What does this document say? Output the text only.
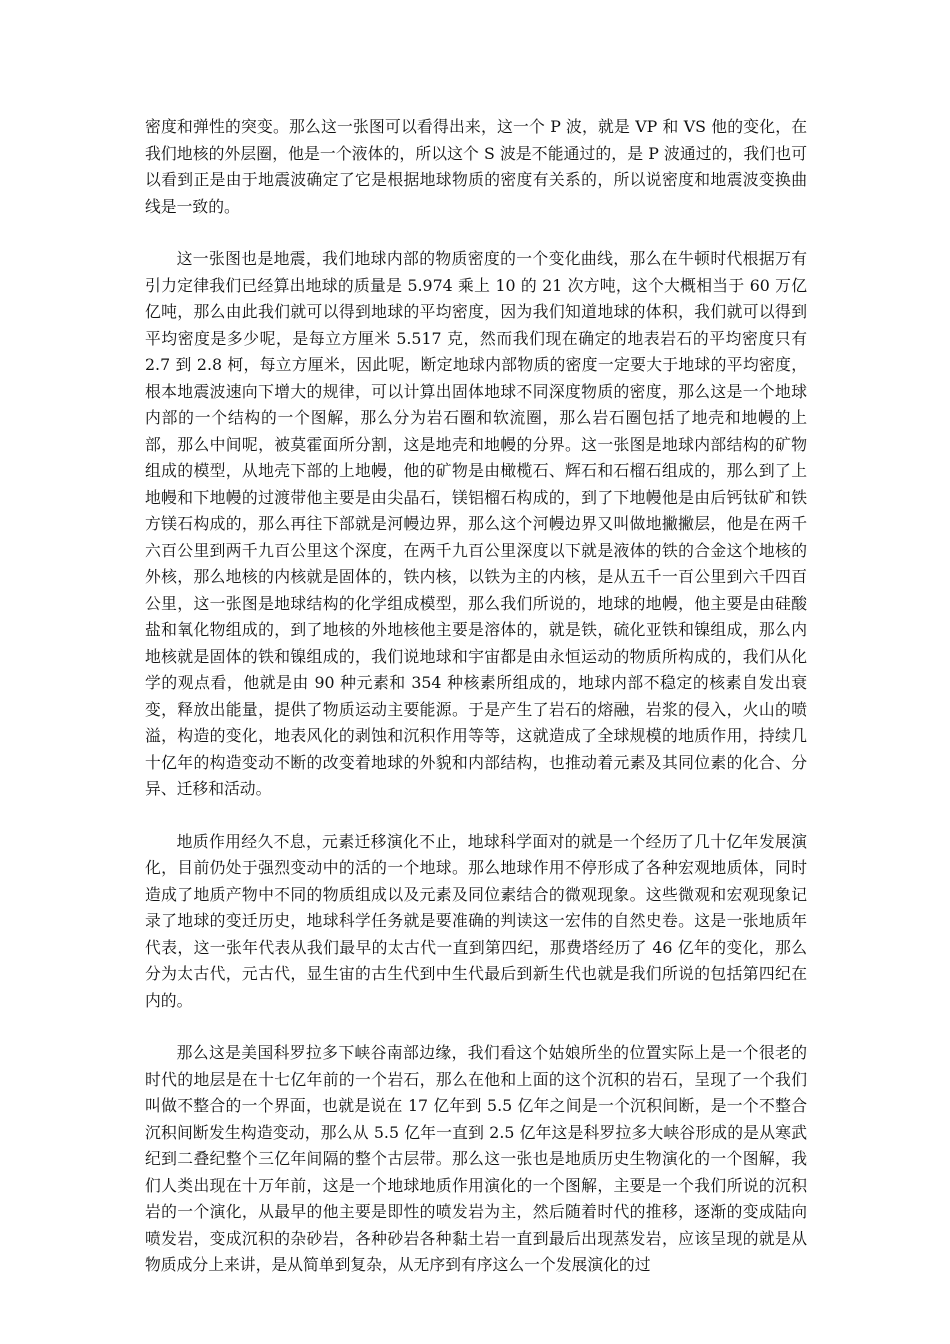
密度和弹性的突变。那么这一张图可以看得出来，这一个 P 波，就是 VP 和 VS 他的变化，在我们地核的外层圈，他是一个液体的，所以这个 S 波是不能通过的，是 P 波通过的，我们也可以看到正是由于地震波确定了它是根据地球物质的密度有关系的，所以说密度和地震波变换曲线是一致的。

这一张图也是地震，我们地球内部的物质密度的一个变化曲线，那么在牛顿时代根据万有引力定律我们已经算出地球的质量是 5.974 乘上 10 的 21 次方吨，这个大概相当于 60 万亿亿吨，那么由此我们就可以得到地球的平均密度，因为我们知道地球的体积，我们就可以得到平均密度是多少呢，是每立方厘米 5.517 克，然而我们现在确定的地表岩石的平均密度只有 2.7 到 2.8 柯，每立方厘米，因此呢，断定地球内部物质的密度一定要大于地球的平均密度，根本地震波速向下增大的规律，可以计算出固体地球不同深度物质的密度，那么这是一个地球内部的一个结构的一个图解，那么分为岩石圈和软流圈，那么岩石圈包括了地壳和地幔的上部，那么中间呢，被莫霍面所分割，这是地壳和地幔的分界。这一张图是地球内部结构的矿物组成的模型，从地壳下部的上地幔，他的矿物是由橄榄石、辉石和石榴石组成的，那么到了上地幔和下地幔的过渡带他主要是由尖晶石，镁铝榴石构成的，到了下地幔他是由后钙钛矿和铁方镁石构成的，那么再往下部就是河幔边界，那么这个河幔边界又叫做地撇撇层，他是在两千六百公里到两千九百公里这个深度，在两千九百公里深度以下就是液体的铁的合金这个地核的外核，那么地核的内核就是固体的，铁内核，以铁为主的内核，是从五千一百公里到六千四百公里，这一张图是地球结构的化学组成模型，那么我们所说的，地球的地幔，他主要是由硅酸盐和氧化物组成的，到了地核的外地核他主要是溶体的，就是铁，硫化亚铁和镍组成，那么内地核就是固体的铁和镍组成的，我们说地球和宇宙都是由永恒运动的物质所构成的，我们从化学的观点看，他就是由 90 种元素和 354 种核素所组成的，地球内部不稳定的核素自发出衰变，释放出能量，提供了物质运动主要能源。于是产生了岩石的熔融，岩浆的侵入，火山的喷溢，构造的变化，地表风化的剥蚀和沉积作用等等，这就造成了全球规模的地质作用，持续几十亿年的构造变动不断的改变着地球的外貌和内部结构，也推动着元素及其同位素的化合、分异、迁移和活动。

地质作用经久不息，元素迁移演化不止，地球科学面对的就是一个经历了几十亿年发展演化，目前仍处于强烈变动中的活的一个地球。那么地球作用不停形成了各种宏观地质体，同时造成了地质产物中不同的物质组成以及元素及同位素结合的微观现象。这些微观和宏观现象记录了地球的变迁历史，地球科学任务就是要准确的判读这一宏伟的自然史卷。这是一张地质年代表，这一张年代表从我们最早的太古代一直到第四纪，那费塔经历了 46 亿年的变化，那么分为太古代，元古代，显生宙的古生代到中生代最后到新生代也就是我们所说的包括第四纪在内的。

那么这是美国科罗拉多下峡谷南部边缘，我们看这个姑娘所坐的位置实际上是一个很老的时代的地层是在十七亿年前的一个岩石，那么在他和上面的这个沉积的岩石，呈现了一个我们叫做不整合的一个界面，也就是说在 17 亿年到 5.5 亿年之间是一个沉积间断，是一个不整合沉积间断发生构造变动，那么从 5.5 亿年一直到 2.5 亿年这是科罗拉多大峡谷形成的是从寒武纪到二叠纪整个三亿年间隔的整个古层带。那么这一张也是地质历史生物演化的一个图解，我们人类出现在十万年前，这是一个地球地质作用演化的一个图解，主要是一个我们所说的沉积岩的一个演化，从最早的他主要是即性的喷发岩为主，然后随着时代的推移，逐渐的变成陆向喷发岩，变成沉积的杂砂岩，各种砂岩各种黏土岩一直到最后出现蒸发岩，应该呈现的就是从物质成分上来讲，是从简单到复杂，从无序到有序这么一个发展演化的过
